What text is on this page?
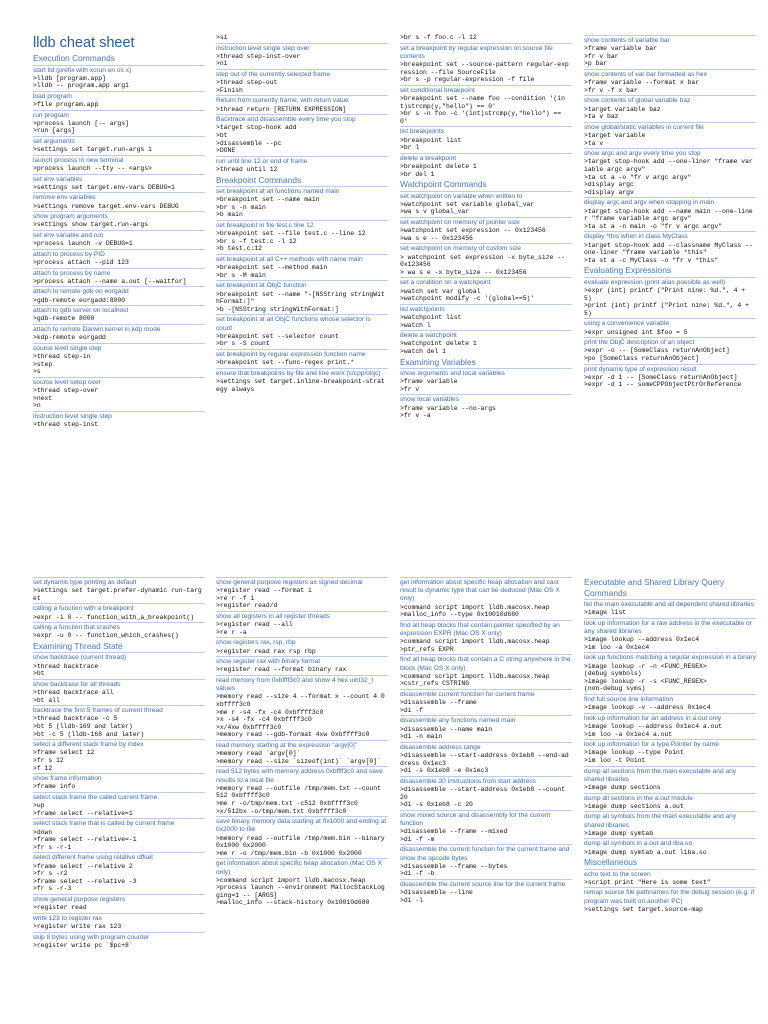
lldb cheat sheet
Execution Commands
start lld (prefix with xcrun on os x)
>lldb [program.app]
>lldb -- program.app arg1
load program
>file program.app
run program
>process launch [-- args]
>run [args]
set arguments
>settings set target.run-args 1
launch process in new terminal
>process launch --tty -- <args>
set env variables
>settings set target.env-vars DEBUG=1
remove env variables
>settings remove target.env-vars DEBUG
show program arguments
>settings show target.run-args
set env variable and run
>process launch -v DEBUG=1
attach to process by PID
>process attach --pid 123
attach to process by name
>process attach --name a.out [--waitfor]
attach to remote gdb on eorgadd
>gdb-remote eorgadd:8000
attach to gdb server on localhost
>gdb-remote 8000
attach to remote Darwin kernel in kdp mode
>kdp-remote eorgadd
source level single step
>thread step-in
>step
>s
source level setop over
>thread step-over
>next
>n
instruction level single step
>thread step-inst
>si
instruction level single step over
>thread step-inst-over
>ni
step out of the currently selected frame
>thread step-out
>Finish
Return from currently frame, with return value
>thread return [RETURN EXPRESSION]
Backtrace and disassemble every time you stop
>target stop-hook add
>bt
>disassemble --pc
>DONE
run until line 12 or end of frame
>thread until 12
Breakpoint Commands
set breakpoint at all functions named main
>breakpoint set --name main
>br s -n main
>b main
set breakpoint in file test.c line 12
>breakpoint set --file test.c --line 12
>br s -f test.c -l 12
>b test.c:12
set breakpoint at all C++ methods with name main
>breakpoint set --method main
>br s -M main
set breakpoint at ObjC function
>breakpoint set --name "-[NSString stringWithFormat:]"
>b -[NSString stringWithFormat:]
set breakpoint at all ObjC functions whose selector is count
>breakpoint set --selector count
>br s -S count
set breakpoint by regular expression function name
>breakpoint set --func-regex print.*
ensure that breakpoints by file and line work (c/cpp/objc)
>settings set target.inline-breakpoint-strategy always
>br s -f foo.c -l 12
set a breakpoint by regular expression on source file contents
>breakpoint set --source-pattern regular-expression --file SourceFile
>br s -p regular-expression -f file
set conditional breakpoint
>breakpoint set --name foo --condition '(int)strcmp(y,"hello") == 0'
>br s -n foo -c '(int)strcmp(y,"hello") == 0'
list breakpoints
>breakpoint list
>br l
delete a breakpoint
>breakpoint delete 1
>br del 1
Watchpoint Commands
set watchpoint on variable when written to
>watchpoint set variable global_var
>wa s v global_var
set watchpoint on memory of pointer size
>watchpoint set expression -- 0x123456
>wa s e -- 0x123456
set watchpoint on memory of custom size
> watchpoint set expression -x byte_size -- 0x123456
> wa s e -x byte_size -- 0x123456
set a condition on a watchpoint
>watch set var global
>watchpoint modify -c '(global==5)'
list watchpoints
>watchpoint list
>watch l
delete a watchpoint
>watchpoint delete 1
>watch del 1
Examining Variables
show arguments and local variables
>frame variable
>fr v
show local variables
>frame variable --no-args
>fr v -a
show contents of variable bar
>frame variable bar
>fr v bar
>p bar
show contents of var bar formatted as hex
>frame variable --format x bar
>fr v -f x bar
show contents of global variable baz
>target variable baz
>ta v baz
show global/static variables in current file
>target variable
>ta v
show argc and argv every time you stop
>target stop-hook add --one-liner "frame variable argc argv"
>ta st a -o "fr v argc argv"
>display argc
>display argv
display argc and argv when stopping in main
>target stop-hook add --name main --one-liner "frame variable argc argv"
>ta st a -n main -o "fr v argc argv"
display *this when in class MyClass
>target stop-hook add --classname MyClass --one-liner "frame variable *this"
>ta st a -c MyClass -o "fr v *this"
Evaluating Expressions
evaluate expression (print alias possible as well)
>expr (int) printf ("Print nine: %d.", 4 + 5)
>print (int) printf ("Print nine: %d.", 4 + 5)
using a convenience variable
>expr unsigned int $foo = 5
print the ObjC description of an object
>expr -o -- [SomeClass returnAnObject]
>po [SomeClass returnAnObject]
print dynamic type of expression result
>expr -d 1 -- [SomeClass returnAnObject]
>expr -d 1 -- someCPPObjectPtrOrReference
set dynamic type printing as default
>settings set target.prefer-dynamic run-target
calling a function with a breakpoint
>expr -i 0 -- function_with_a_breakpoint()
calling a function that crashes
>expr -u 0 -- function_which_crashes()
Examining Thread State
show backtrace (current thread)
>thread backtrace
>bt
show backtrace for all threads
>thread backtrace all
>bt all
backtrace the first 5 frames of current thread
>thread backtrace -c 5
>bt 5 (lldb-169 and later)
>bt -c 5 (lldb-168 and later)
select a different stack frame by index
>frame select 12
>fr s 12
>f 12
show frame information
>frame info
select stack frame the called current frame
>up
>frame select --relative=1
select stack frame that is called by current frame
>down
>frame select --relative=-1
>fr s -r-1
select different frame using relative offset
>frame select --relative 2
>fr s -r2
>frame select --relative -3
>fr s -r-3
show general purpose registers
>register read
write 123 to register rax
>register write rax 123
skip 8 bytes using with program counter
>register write pc `$pc+8`
show general purpose registers as signed decimal
>register read --format i
>re r -f i
>register read/d
show all registers in all register threads
>register read --all
>re r -a
show registers rax, rsp, rbp
>register read rax rsp rbp
show register rax with binary format
>register read --format binary rax
read memory from 0xbffff3c0 and show 4 hex uint32_t values
>memory read --size 4 --format x --count 4 0xbffff3c0
>me r -s4 -fx -c4 0xbffff3c0
>x -s4 -fx -c4 0xbffff3c0
>x/4xw 0xbffff3c0
>memory read --gdb-format 4xw 0xbffff3c0
read memory starting at the expression "argv[0]"
>memory read `argv[0]`
>memory read --size `sizeof(int)` `argv[0]`
read 512 bytes with memory address 0xbffff3c0 and save results to a local file
>memory read --outfile /tmp/mem.txt --count 512 0xbffff3c0
>me r -o/tmp/mem.txt -c512 0xbffff3c0
>x/512bx -o/tmp/mem.txt 0xbffff3c0
save binary memory data starting at 0x1000 and ending at 0x2000 to file
>memory read --outfile /tmp/mem.bin --binary 0x1000 0x2000
>me r -o /tmp/mem.bin -b 0x1000 0x2000
get information about specific heap allocation (Mac OS X only)
>command script import lldb.macosx.heap
>process launch --environment MallocStackLogging=1 -- [ARGS]
>malloc_info --stack-history 0x10010d680
get information about specific heap allocation and cast result to dynamic type that can be deduced (Mac OS X only)
>command script import lldb.macosx.heap
>malloc_info --type 0x10010d680
find all heap blocks that contain pointer specified by an expression EXPR (Mac OS X only)
>command script import lldb.macosx.heap
>ptr_refs EXPR
find all heap blocks that contain a C string anywhere in the block (Mac OS X only)
>command script import lldb.macosx.heap
>cstr_refs CSTRING
disassemble current function for current frame
>disassemble --frame
>di -f
disassemble any functions named main
>disassemble --name main
>di -n main
disassemble address range
>disassemble --start-address 0x1eb8 --end-address 0x1ec3
>di -s 0x1eb8 -e 0x1ec3
disassemble 20 instructions from start address
>disassemble --start-address 0x1eb8 --count 20
>di -s 0x1eb8 -c 20
show mixed source and disassembly for the current function
>disassemble --frame --mixed
>di -f -m
disassemble the current function for the current frame and show the opcode bytes
>disassemble --frame --bytes
>di -f -b
disassemble the current source line for the current frame
>disassemble --line
>di -l
Executable and Shared Library Query Commands
list the main executable and all dependent shared libraries
>image list
look up information for a raw address in the executable or any shared libraries
>image lookup --address 0x1ec4
>im loo -a 0x1ec4
look up functions matching a regular expression in a binary
>image lookup -r -n <FUNC_REGEX>
(debug symbols)
>image lookup -r -s <FUNC_REGEX>
(non-debug syms)
find full source line information
>image lookup -v --address 0x1ec4
look up information for an address in a.out only
>image lookup --address 0x1ec4 a.out
>im loo -a 0x1ec4 a.out
look up information for a type Pointer by name
>image lookup --type Point
>im loo -t Point
dump all sections from the main executable and any shared libraries
>image dump sections
dump all sections in the a.out module
>image dump sections a.out
dump all symbols from the main executable and any shared libraries
>image dump symtab
dump all symbols in a.out and liba.so
>image dump symtab a.out liba.so
Miscellaneous
echo text to the screen
>script print "Here is some text"
remap source file pathnames for the debug session (e.g. if program was built on another PC)
>settings set target.source-map
